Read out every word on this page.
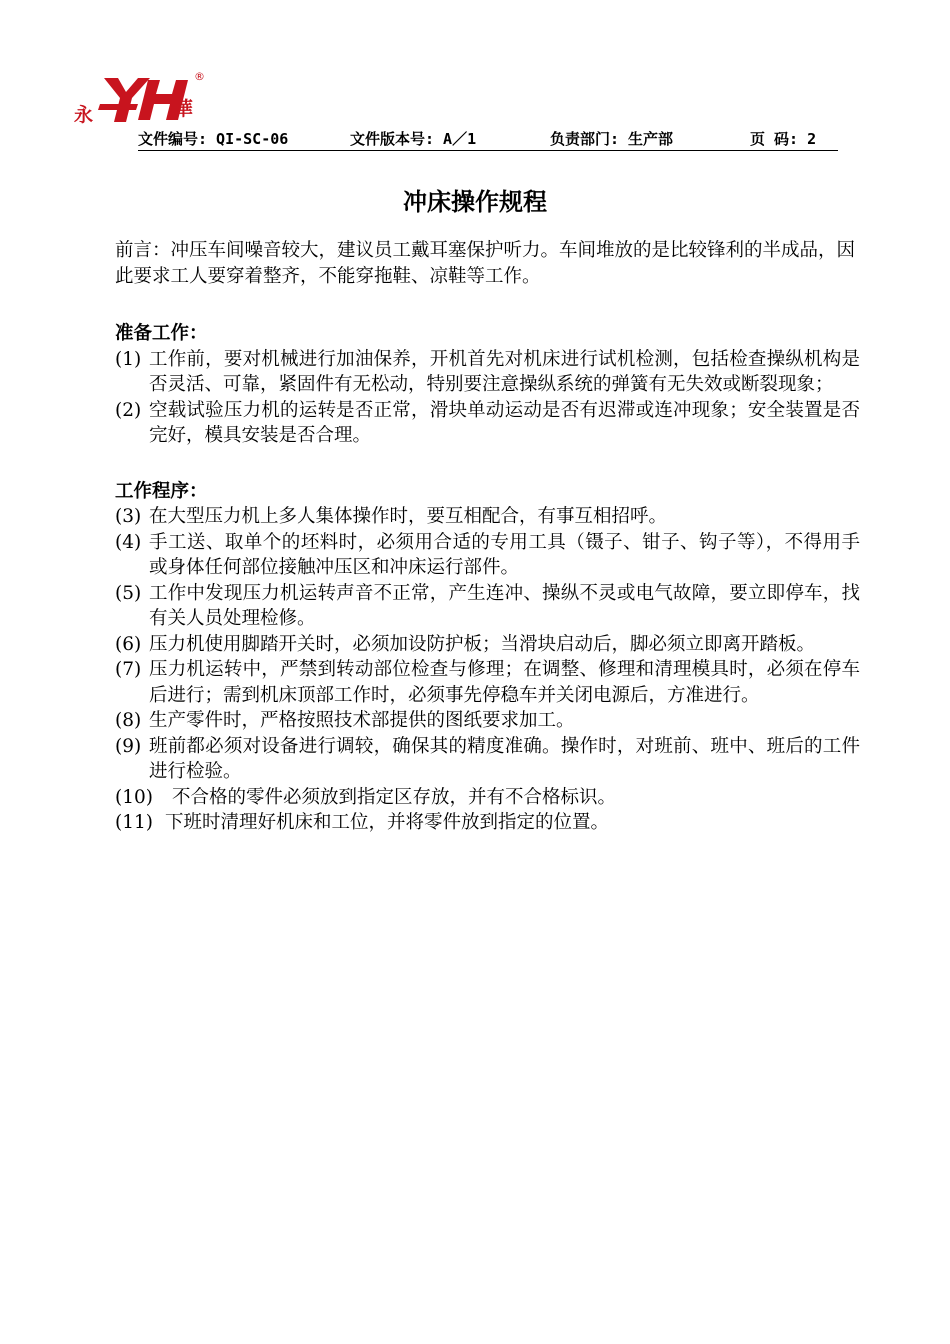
永	華
®
文件编号: QI-SC-06	文件版本号: A／1	负责部门: 生产部	页 码: 2
冲床操作规程

前言：冲压车间噪音较大，建议员工戴耳塞保护听力。车间堆放的是比较锋利的半成品，因此要求工人要穿着整齐，不能穿拖鞋、凉鞋等工作。

准备工作：

(1) 工作前，要对机械进行加油保养，开机首先对机床进行试机检测，包括检查操纵机构是否灵活、可靠，紧固件有无松动，特别要注意操纵系统的弹簧有无失效或断裂现象；
(2) 空载试验压力机的运转是否正常，滑块单动运动是否有迟滞或连冲现象；安全装置是否完好，模具安装是否合理。

工作程序：

(3) 在大型压力机上多人集体操作时，要互相配合，有事互相招呼。
(4) 手工送、取单个的坯料时，必须用合适的专用工具（镊子、钳子、钩子等），不得用手或身体任何部位接触冲压区和冲床运行部件。
(5) 工作中发现压力机运转声音不正常，产生连冲、操纵不灵或电气故障，要立即停车，找有关人员处理检修。
(6) 压力机使用脚踏开关时，必须加设防护板；当滑块启动后，脚必须立即离开踏板。
(7) 压力机运转中，严禁到转动部位检查与修理；在调整、修理和清理模具时，必须在停车后进行；需到机床顶部工作时，必须事先停稳车并关闭电源后，方准进行。
(8) 生产零件时，严格按照技术部提供的图纸要求加工。
(9) 班前都必须对设备进行调较，确保其的精度准确。操作时，对班前、班中、班后的工件进行检验。
(10)	不合格的零件必须放到指定区存放，并有不合格标识。
(11) 下班时清理好机床和工位，并将零件放到指定的位置。
